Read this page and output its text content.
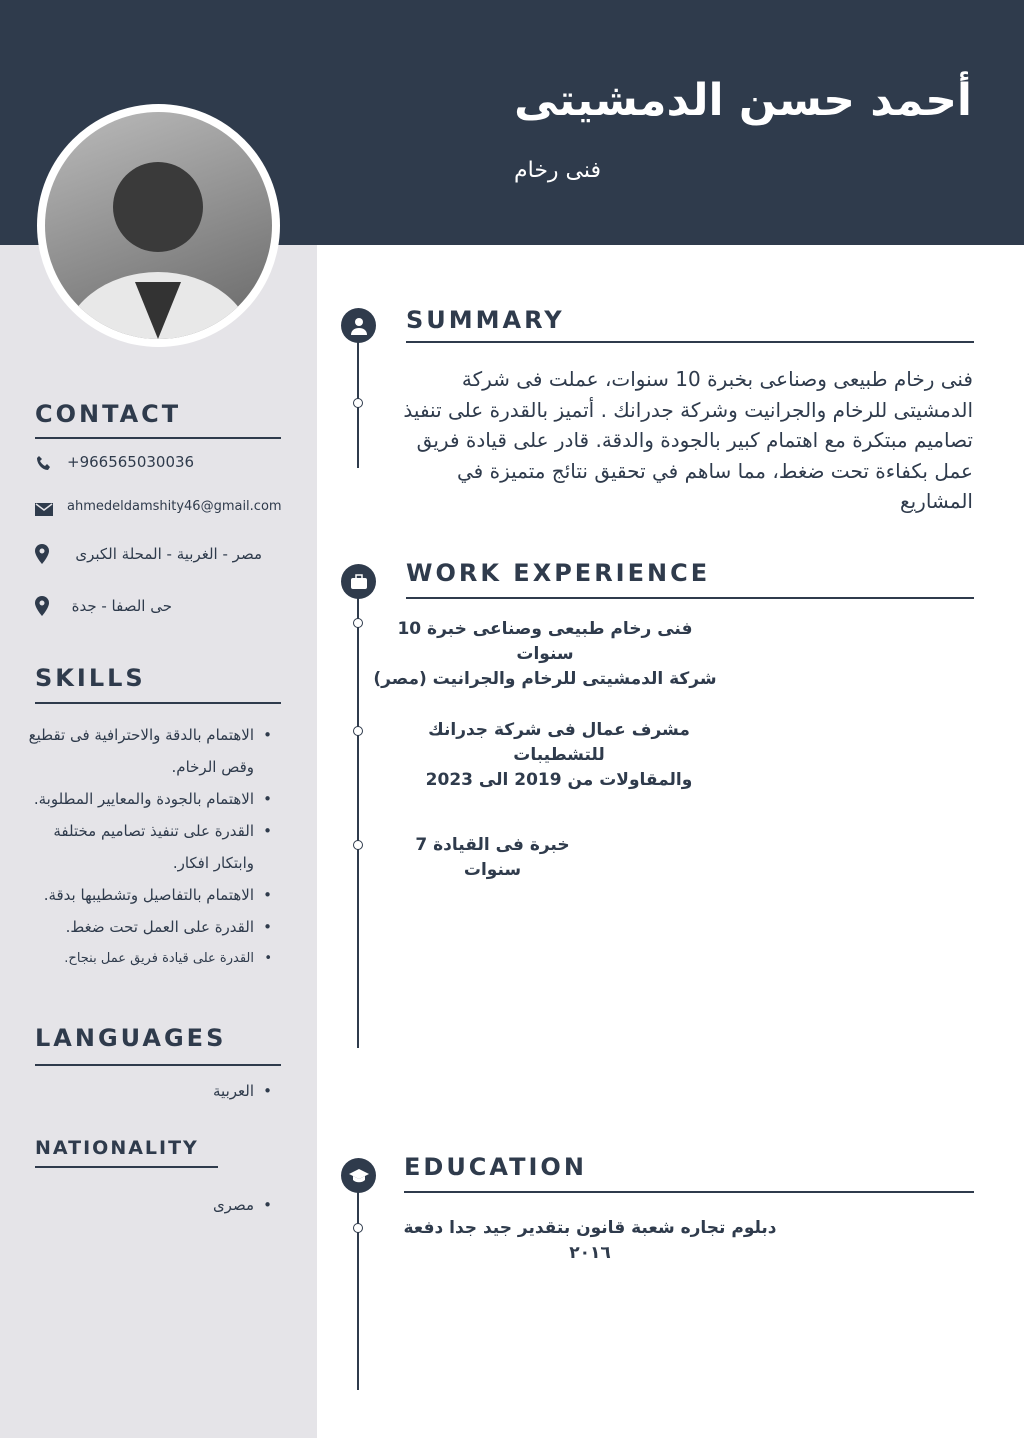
أحمد حسن الدمشيتى
فنى رخام
CONTACT
+966565030036
ahmedeldamshity46@gmail.com
مصر - الغربية - المحلة الكبرى
حى الصفا - جدة
SKILLS
• الاهتمام بالدقة والاحترافية فى تقطيع وقص الرخام.
• الاهتمام بالجودة والمعايير المطلوبة.
• القدرة على تنفيذ تصاميم مختلفة وابتكار افكار.
• الاهتمام بالتفاصيل وتشطيبها بدقة.
• القدرة على العمل تحت ضغط.
• القدرة على قيادة فريق عمل بنجاح.
LANGUAGES
• العربية
NATIONALITY
• مصرى
SUMMARY
فنى رخام طبيعى وصناعى بخبرة 10 سنوات، عملت فى شركة الدمشيتى للرخام والجرانيت وشركة جدرانك . أتميز بالقدرة على تنفيذ تصاميم مبتكرة مع اهتمام كبير بالجودة والدقة. قادر على قيادة فريق عمل بكفاءة تحت ضغط، مما ساهم في تحقيق نتائج متميزة في المشاريع
WORK EXPERIENCE
فنى رخام طبيعى وصناعى خبرة 10 سنوات
شركة الدمشيتى للرخام والجرانيت (مصر)
مشرف عمال فى شركة جدرانك للتشطيبات
والمقاولات من 2019 الى 2023
خبرة فى القيادة 7 سنوات
EDUCATION
دبلوم تجاره شعبة قانون بتقدير جيد جدا دفعة ٢٠١٦
